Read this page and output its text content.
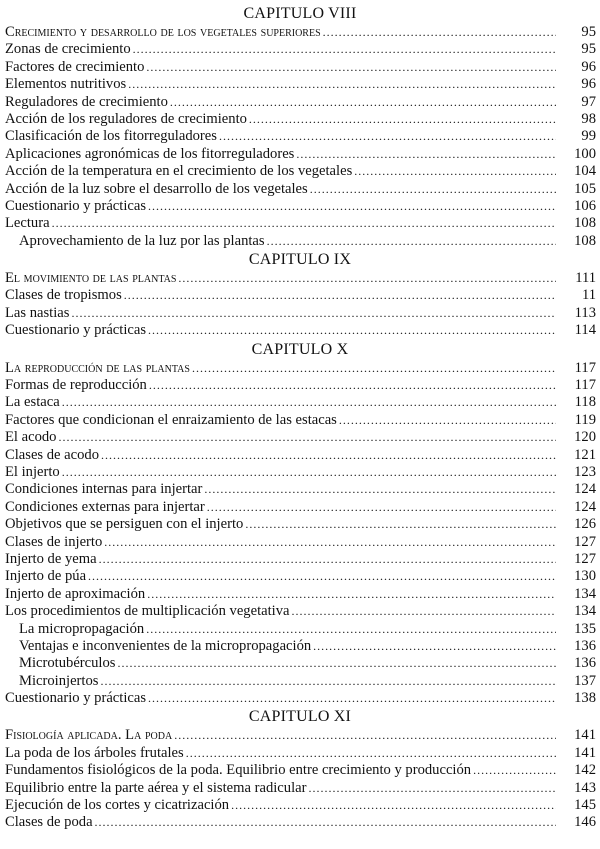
CAPITULO VIII
Crecimiento y desarrollo de los vegetales superiores .....	95
Zonas de crecimiento .....	95
Factores de crecimiento .....	96
Elementos nutritivos .....	96
Reguladores de crecimiento .....	97
Acción de los reguladores de crecimiento .....	98
Clasificación de los fitorreguladores .....	99
Aplicaciones agronómicas de los fitorreguladores .....	100
Acción de la temperatura en el crecimiento de los vegetales .....	104
Acción de la luz sobre el desarrollo de los vegetales .....	105
Cuestionario y prácticas .....	106
Lectura .....	108
Aprovechamiento de la luz por las plantas .....	108
CAPITULO IX
El movimiento de las plantas .....	111
Clases de tropismos .....	11
Las nastias .....	113
Cuestionario y prácticas .....	114
CAPITULO X
La reproducción de las plantas .....	117
Formas de reproducción .....	117
La estaca .....	118
Factores que condicionan el enraizamiento de las estacas .....	119
El acodo .....	120
Clases de acodo .....	121
El injerto .....	123
Condiciones internas para injertar .....	124
Condiciones externas para injertar .....	124
Objetivos que se persiguen con el injerto .....	126
Clases de injerto .....	127
Injerto de yema .....	127
Injerto de púa .....	130
Injerto de aproximación .....	134
Los procedimientos de multiplicación vegetativa .....	134
La micropropagación .....	135
Ventajas e inconvenientes de la micropropagación .....	136
Microtubérculos .....	136
Microinjertos .....	137
Cuestionario y prácticas .....	138
CAPITULO XI
Fisiología aplicada. La poda .....	141
La poda de los árboles frutales .....	141
Fundamentos fisiológicos de la poda. Equilibrio entre crecimiento y producción .....	142
Equilibrio entre la parte aérea y el sistema radicular .....	143
Ejecución de los cortes y cicatrización .....	145
Clases de poda .....	146
